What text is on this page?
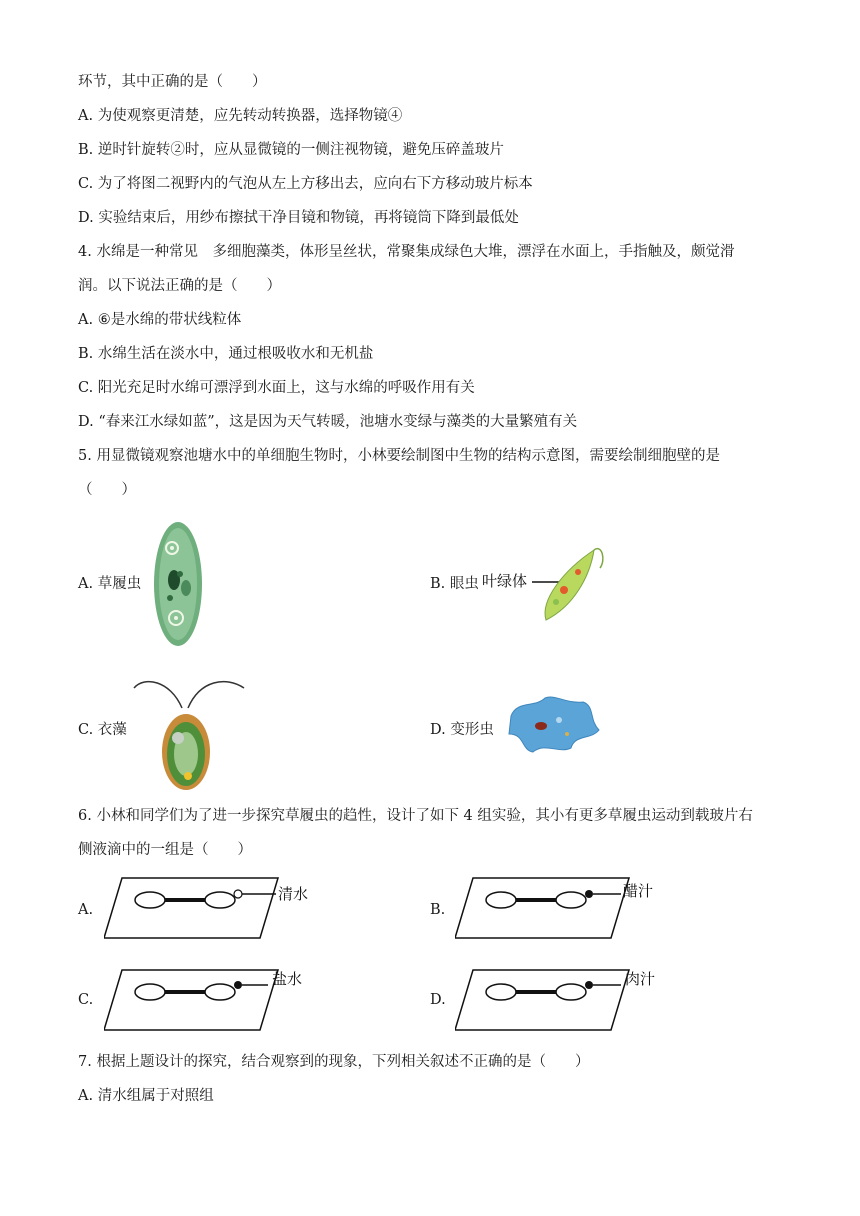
环节，其中正确的是（　　）
A. 为使观察更清楚，应先转动转换器，选择物镜④
B. 逆时针旋转②时，应从显微镜的一侧注视物镜，避免压碎盖玻片
C. 为了将图二视野内的气泡从左上方移出去，应向右下方移动玻片标本
D. 实验结束后，用纱布擦拭干净目镜和物镜，再将镜筒下降到最低处
4. 水绵是一种常见　多细胞藻类，体形呈丝状，常聚集成绿色大堆，漂浮在水面上，手指触及，颇觉滑
润。以下说法正确的是（　　）
A. ⑥是水绵的带状线粒体
B. 水绵生活在淡水中，通过根吸收水和无机盐
C. 阳光充足时水绵可漂浮到水面上，这与水绵的呼吸作用有关
D. “春来江水绿如蓝”，这是因为天气转暖，池塘水变绿与藻类的大量繁殖有关
5. 用显微镜观察池塘水中的单细胞生物时，小林要绘制图中生物的结构示意图，需要绘制细胞壁的是
（　　）
A. 草履虫	B. 眼虫 叶绿体
C. 衣藻	D. 变形虫
6. 小林和同学们为了进一步探究草履虫的趋性，设计了如下 4 组实验，其小有更多草履虫运动到载玻片右
侧液滴中的一组是（　　）
A.
清水
B.
醋汁
C.
盐水
D.
肉汁
7. 根据上题设计的探究，结合观察到的现象，下列相关叙述不正确的是（　　）
A. 清水组属于对照组
